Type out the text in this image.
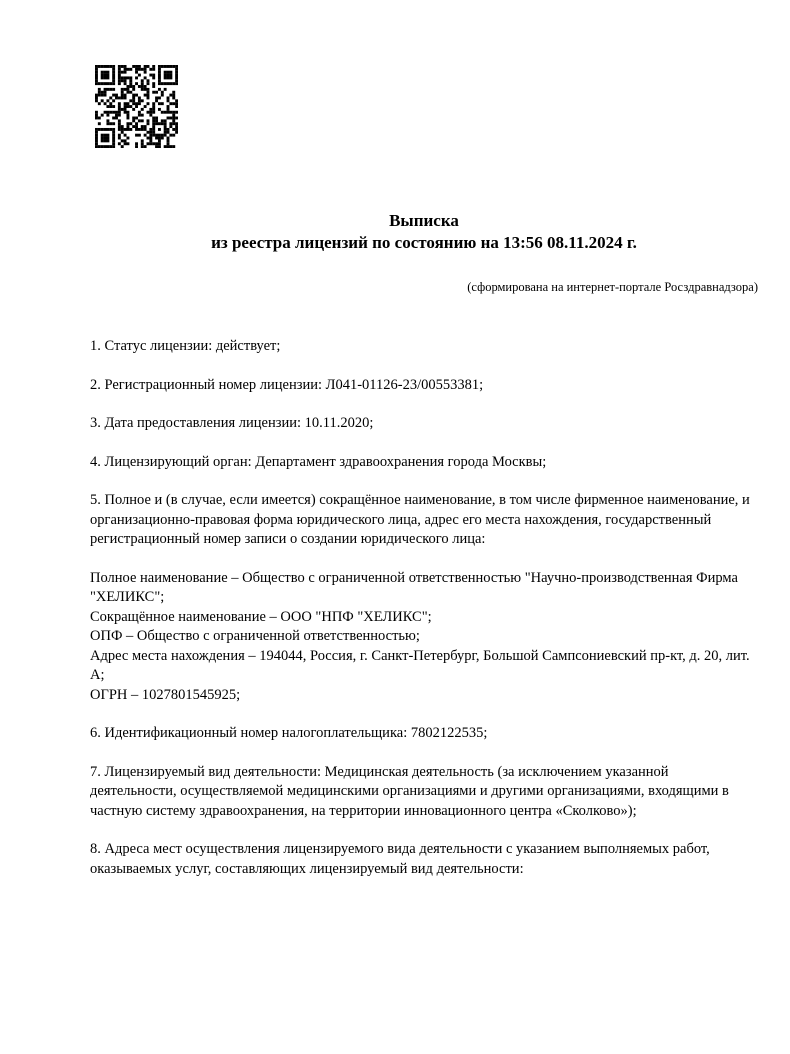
Выписка
из реестра лицензий по состоянию на 13:56 08.11.2024 г.
(сформирована на интернет-портале Росздравнадзора)
1. Статус лицензии: действует;
2. Регистрационный номер лицензии: Л041-01126-23/00553381;
3. Дата предоставления лицензии: 10.11.2020;
4. Лицензирующий орган: Департамент здравоохранения города Москвы;
5. Полное и (в случае, если имеется) сокращённое наименование, в том числе фирменное наименование, и организационно-правовая форма юридического лица, адрес его места нахождения, государственный регистрационный номер записи о создании юридического лица:
Полное наименование – Общество с ограниченной ответственностью "Научно-производственная Фирма "ХЕЛИКС";
Сокращённое наименование – ООО "НПФ "ХЕЛИКС";
ОПФ – Общество с ограниченной ответственностью;
Адрес места нахождения – 194044, Россия, г. Санкт-Петербург, Большой Сампсониевский пр-кт, д. 20, лит. А;
ОГРН – 1027801545925;
6. Идентификационный номер налогоплательщика: 7802122535;
7. Лицензируемый вид деятельности: Медицинская деятельность (за исключением указанной деятельности, осуществляемой медицинскими организациями и другими организациями, входящими в частную систему здравоохранения, на территории инновационного центра «Сколково»);
8. Адреса мест осуществления лицензируемого вида деятельности с указанием выполняемых работ, оказываемых услуг, составляющих лицензируемый вид деятельности:
